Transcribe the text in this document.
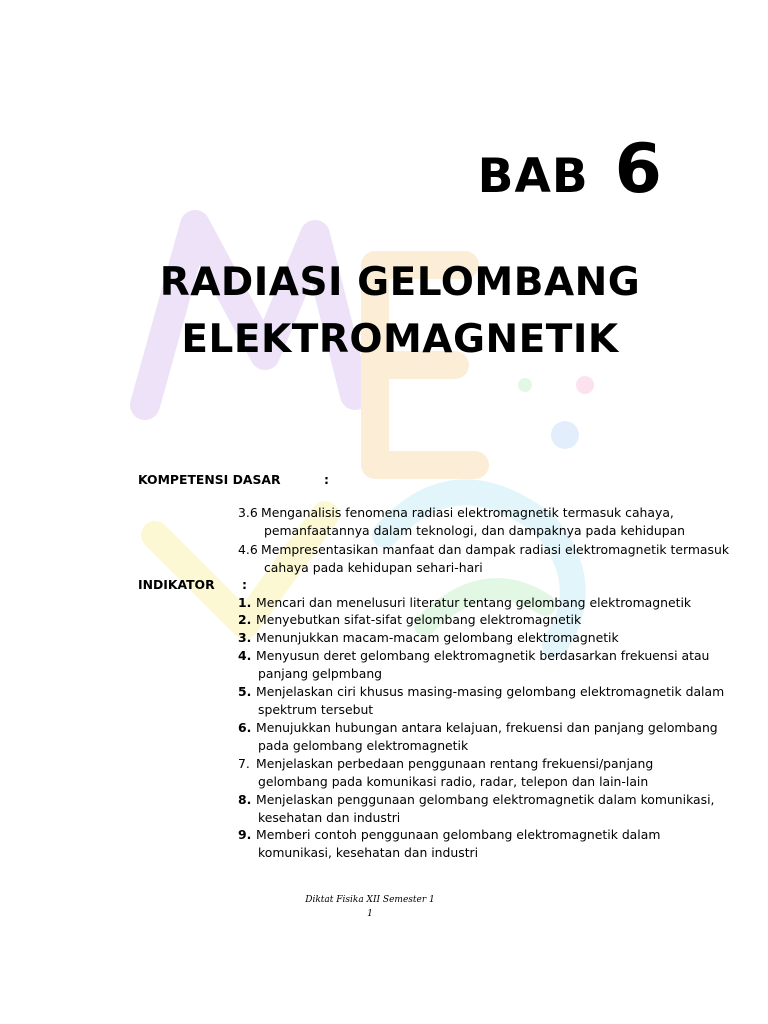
BAB 6
RADIASI GELOMBANG
ELEKTROMAGNETIK
KOMPETENSI DASAR	:
3.6 Menganalisis fenomena radiasi elektromagnetik termasuk cahaya,
pemanfaatannya dalam teknologi, dan dampaknya pada kehidupan
4.6 Mempresentasikan manfaat dan dampak radiasi elektromagnetik termasuk
cahaya pada kehidupan sehari-hari
INDIKATOR :
1. Mencari dan menelusuri literatur tentang gelombang elektromagnetik
2. Menyebutkan sifat-sifat gelombang elektromagnetik
3. Menunjukkan macam-macam gelombang elektromagnetik
4. Menyusun deret gelombang elektromagnetik berdasarkan frekuensi atau
panjang gelpmbang
5. Menjelaskan ciri khusus masing-masing gelombang elektromagnetik dalam
spektrum tersebut
6. Menujukkan hubungan antara kelajuan, frekuensi dan panjang gelombang
pada gelombang elektromagnetik
7. Menjelaskan perbedaan penggunaan rentang frekuensi/panjang
gelombang pada komunikasi radio, radar, telepon dan lain-lain
8. Menjelaskan penggunaan gelombang elektromagnetik dalam komunikasi,
kesehatan dan industri
9. Memberi contoh penggunaan gelombang elektromagnetik dalam
komunikasi, kesehatan dan industri
Diktat Fisika XII Semester 1
1
